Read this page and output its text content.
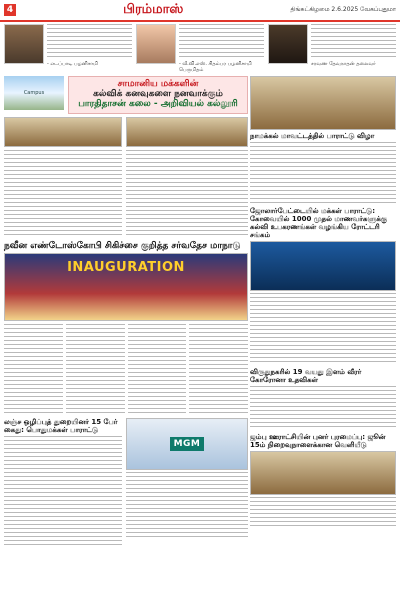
4	பிரம்மாஸ்	திங்கட்கிழமை 2.6.2025 வேகப்புதுமா
- எடப்பாடி பழனிசாமி	- வீ.வி.எஸ். சிதம்பர பழனிசாமி பெருமிதம்
சரவண தேவநாதன் தலைவர்
Campus
சாமானிய மக்களின்
கல்விக் கனவுகளை நனவாக்கும்
பாரதிதாசன் கலை - அறிவியல் கல்லூரி
நவீன எண்டோஸ்கோபி சிகிச்சை குறித்த சர்வதேச மாநாடு
INAUGURATION
லஞ்ச ஒழிப்புத் துறையினர் 15 பேர் கைது: பொதுமக்கள் பாராட்டு
MGM
நாமக்கல் மாவட்டத்தில் பாராட்டு விழா
ஜோலார்பேட்டையில் மக்கள் பாராட்டு: கோவையில் 1000 முதல் மாணவர்களுக்கு கல்வி உபகரணங்கள் வழங்கிய ரோட்டரி சங்கம்
விருதுநகரில் 19 வயது இளம் வீரர் கோரோனா உதவிகள்
ஜம்பு ஊராட்சியின் புனர் புரமைப்பு: ஜூன் 15ம் நிறைவுநாளைக்கான வெளியீடு
